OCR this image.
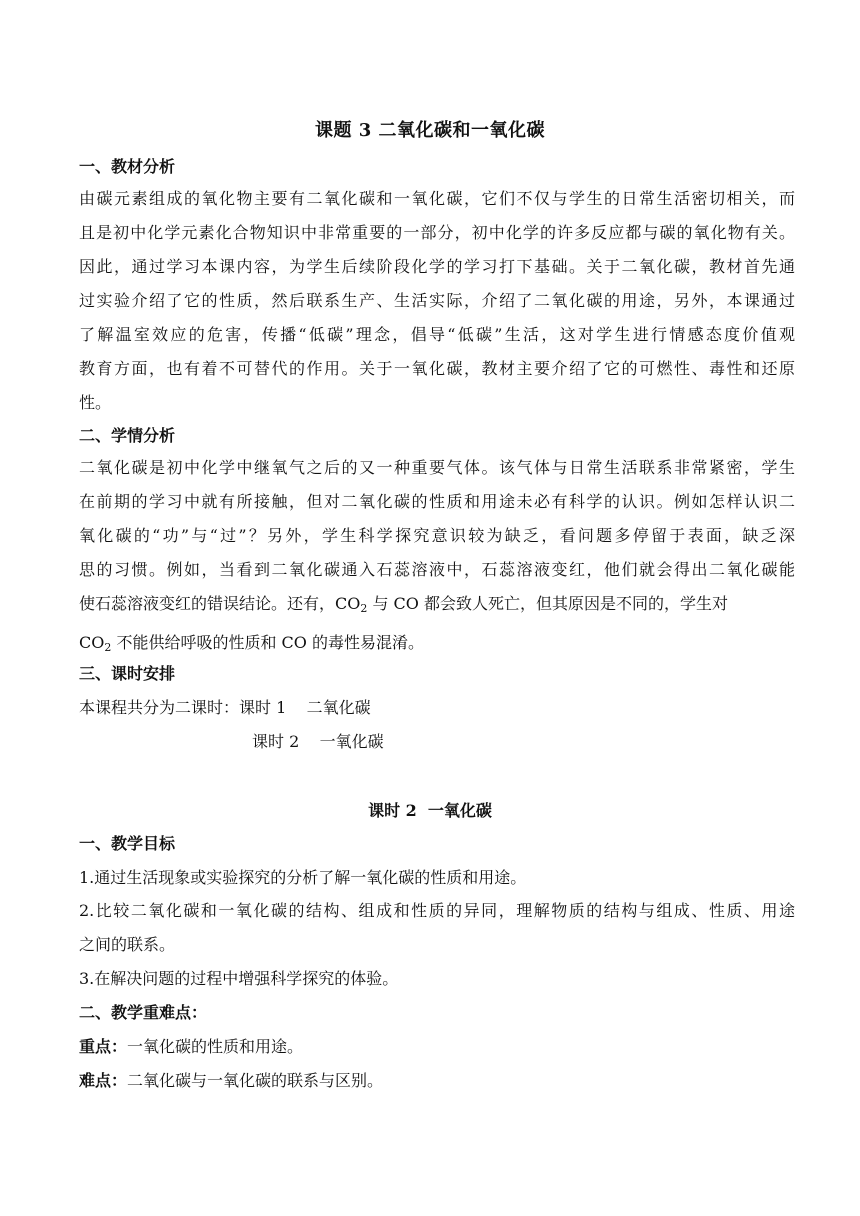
课题 3 二氧化碳和一氧化碳
一、教材分析
由碳元素组成的氧化物主要有二氧化碳和一氧化碳，它们不仅与学生的日常生活密切相关，而
且是初中化学元素化合物知识中非常重要的一部分，初中化学的许多反应都与碳的氧化物有关。
因此，通过学习本课内容，为学生后续阶段化学的学习打下基础。关于二氧化碳，教材首先通
过实验介绍了它的性质，然后联系生产、生活实际，介绍了二氧化碳的用途，另外，本课通过
了解温室效应的危害，传播“低碳”理念，倡导“低碳”生活，这对学生进行情感态度价值观
教育方面，也有着不可替代的作用。关于一氧化碳，教材主要介绍了它的可燃性、毒性和还原
性。
二、学情分析
二氧化碳是初中化学中继氧气之后的又一种重要气体。该气体与日常生活联系非常紧密，学生
在前期的学习中就有所接触，但对二氧化碳的性质和用途未必有科学的认识。例如怎样认识二
氧化碳的“功”与“过”？另外，学生科学探究意识较为缺乏，看问题多停留于表面，缺乏深
思的习惯。例如，当看到二氧化碳通入石蕊溶液中，石蕊溶液变红，他们就会得出二氧化碳能
使石蕊溶液变红的错误结论。还有，$CO_2$ 与 CO 都会致人死亡，但其原因是不同的，学生对
$CO_2$ 不能供给呼吸的性质和 CO 的毒性易混淆。
三、课时安排
本课程共分为二课时：课时 1    二氧化碳
课时 2    一氧化碳
课时 2  一氧化碳
一、教学目标
1.通过生活现象或实验探究的分析了解一氧化碳的性质和用途。
2.比较二氧化碳和一氧化碳的结构、组成和性质的异同，理解物质的结构与组成、性质、用途
之间的联系。
3.在解决问题的过程中增强科学探究的体验。
二、教学重难点：
重点：一氧化碳的性质和用途。
难点：二氧化碳与一氧化碳的联系与区别。
